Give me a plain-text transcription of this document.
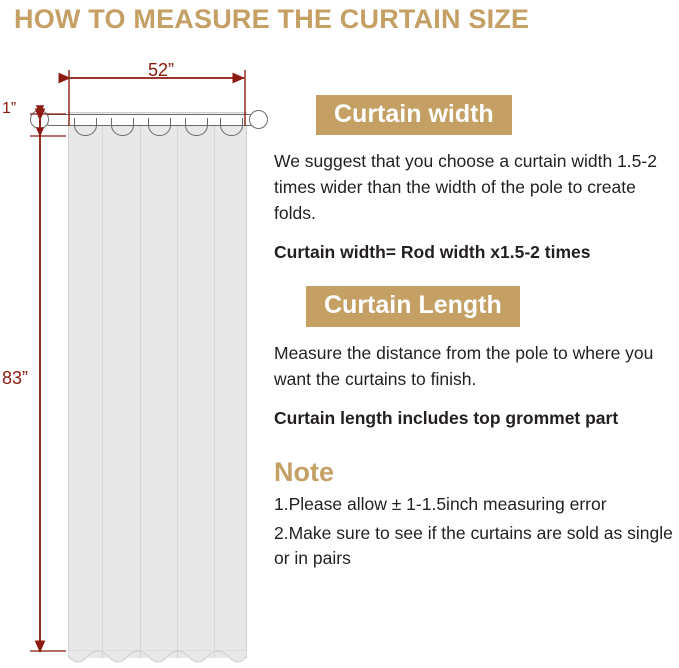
HOW TO MEASURE THE CURTAIN SIZE
52”
1”
83”
Curtain width
We suggest that you choose a curtain width 1.5-2 times wider than the width of the pole to create folds.
Curtain width= Rod width x1.5-2 times
Curtain Length
Measure the distance from the pole to where you want the curtains to finish.
Curtain length includes top grommet part
Note
1.Please allow ± 1-1.5inch measuring error
2.Make sure to see if the curtains are sold as single or in pairs
